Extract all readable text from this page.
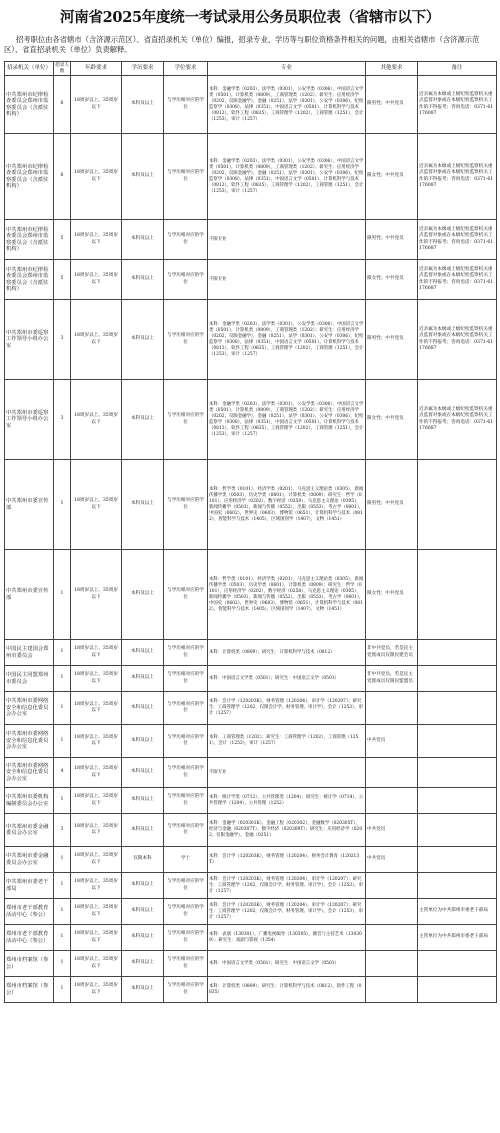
河南省2025年度统一考试录用公务员职位表（省辖市以下）
招考职位由各省辖市（含济源示范区）、省直招录机关（单位）编报，招录专业、学历等与职位资格条件相关的问题，由相关省辖市（含济源示范区）、省直招录机关（单位）负责解释。
招录机关（单位）	招录人数	年龄要求	学历要求	学位要求	专业	其他要求	备注
中共郑州市纪律检查委员会郑州市监察委员会（含派驻机构）	6	18周岁以上、35周岁以下	本科及以上	与学历相对应的学位	本科：金融学类（0203），法学类（0301），公安学类（0306），中国语言文学类（0501），计算机类（0809），工商管理类（1202）；研究生：应用经济学（0202，仅限金融学），金融（0251），法学（0301），公安学（0306），纪检监察学（0308），法律（0351），中国语言文学（0501），计算机科学与技术（0812），软件工程（0835），工商管理学（1202），工商管理（1251），会计（1253），审计（1257）	限男性；中共党员	近亲属为本级或上级纪检监察机关重点监督对象或在本级纪检监察机关工作的不得报考；咨询电话：0371-61176087
中共郑州市纪律检查委员会郑州市监察委员会（含派驻机构）	6	18周岁以上、35周岁以下	本科及以上	与学历相对应的学位	本科：金融学类（0203），法学类（0301），公安学类（0306），中国语言文学类（0501），计算机类（0809），工商管理类（1202）；研究生：应用经济学（0202，仅限金融学），金融（0251），法学（0301），公安学（0306），纪检监察学（0308），法律（0351），中国语言文学（0501），计算机科学与技术（0812），软件工程（0835），工商管理学（1202），工商管理（1251），会计（1253），审计（1257）	限女性；中共党员	近亲属为本级或上级纪检监察机关重点监督对象或在本级纪检监察机关工作的不得报考；咨询电话：0371-61176087
中共郑州市纪律检查委员会郑州市监察委员会（含派驻机构）	5	18周岁以上、35周岁以下	本科及以上	与学历相对应的学位	不限专业	限男性；中共党员	近亲属为本级或上级纪检监察机关重点监督对象或在本级纪检监察机关工作的不得报考；咨询电话：0371-61176087
中共郑州市纪律检查委员会郑州市监察委员会（含派驻机构）	5	18周岁以上、35周岁以下	本科及以上	与学历相对应的学位	不限专业	限女性；中共党员	近亲属为本级或上级纪检监察机关重点监督对象或在本级纪检监察机关工作的不得报考；咨询电话：0371-61176087
中共郑州市委巡察工作领导小组办公室	3	18周岁以上、35周岁以下	本科及以上	与学历相对应的学位	本科：金融学类（0203），法学类（0301），公安学类（0306），中国语言文学类（0501），计算机类（0809），工商管理类（1202）；研究生：应用经济学（0202，仅限金融学），金融（0251），法学（0301），公安学（0306），纪检监察学（0308），法律（0351），中国语言文学（0501），计算机科学与技术（0812），软件工程（0835），工商管理学（1202），工商管理（1251），会计（1253），审计（1257）	限男性；中共党员	近亲属为本级或上级纪检监察机关重点监督对象或在本级纪检监察机关工作的不得报考；咨询电话：0371-61176087
中共郑州市委巡察工作领导小组办公室	3	18周岁以上、35周岁以下	本科及以上	与学历相对应的学位	本科：金融学类（0203），法学类（0301），公安学类（0306），中国语言文学类（0501），计算机类（0809），工商管理类（1202）；研究生：应用经济学（0202，仅限金融学），金融（0251），法学（0301），公安学（0306），纪检监察学（0308），法律（0351），中国语言文学（0501），计算机科学与技术（0812），软件工程（0835），工商管理学（1202），工商管理（1251），会计（1253），审计（1257）	限女性；中共党员	近亲属为本级或上级纪检监察机关重点监督对象或在本级纪检监察机关工作的不得报考；咨询电话：0371-61176087
中共郑州市委宣传部	1	18周岁以上、35周岁以下	本科及以上	与学历相对应的学位	本科：哲学类（0101），经济学类（0201），马克思主义理论类（0305），新闻传播学类（0503），历史学类（0601），计算机类（0809）；研究生：哲学（0101），应用经济学（0202），数字经济（0258），马克思主义理论（0305），新闻传播学（0503），新闻与传播（0552），出版（0553），考古学（0601），中国史（0602），世界史（0603），博物馆（0651），计算机科学与技术（0812），智能科学与技术（1405），区域国别学（1407），文物（1451）	限男性；中共党员	
中共郑州市委宣传部	1	18周岁以上、35周岁以下	本科及以上	与学历相对应的学位	本科：哲学类（0101），经济学类（0201），马克思主义理论类（0305），新闻传播学类（0503），历史学类（0601），计算机类（0809）；研究生：哲学（0101），应用经济学（0202），数字经济（0258），马克思主义理论（0305），新闻传播学（0503），新闻与传播（0552），出版（0553），考古学（0601），中国史（0602），世界史（0603），博物馆（0651），计算机科学与技术（0812），智能科学与技术（1405），区域国别学（1407），文物（1451）	限女性；中共党员	
中国民主建国会郑州市委员会	1	18周岁以上、35周岁以下	本科及以上	与学历相对应的学位	本科：计算机类（0809）；研究生：计算机科学与技术（0812）	非中共党员，若是民主党派成员仅限民建会员	
中国民主同盟郑州市委员会	1	18周岁以上、35周岁以下	本科及以上	与学历相对应的学位	本科：中国语言文学类（0501）；研究生：中国语言文学（0501）	非中共党员，若是民主党派成员仅限民盟盟员	
中共郑州市委网络安全和信息化委员会办公室	1	18周岁以上、35周岁以下	本科及以上	与学历相对应的学位	本科：会计学（120203K），财务管理（120204），审计学（120207）；研究生：工商管理学（1202，仅限会计学、财务管理、审计学），会计（1253），审计（1257）		
中共郑州市委网络安全和信息化委员会办公室	1	18周岁以上、35周岁以下	本科及以上	与学历相对应的学位	本科：工商管理类（1202）；研究生：工商管理学（1202），工商管理（1251），会计（1253），审计（1257）	中共党员	
中共郑州市委网络安全和信息化委员会办公室	4	18周岁以上、35周岁以下	本科及以上	与学历相对应的学位	不限专业		
中共郑州市委机构编制委员会办公室	1	18周岁以上、35周岁以下	本科及以上	与学历相对应的学位	本科：统计学类（0712），公共管理类（1204）；研究生：统计学（0714），公共管理学（1204），公共管理（1252）		
中共郑州市委金融委员会办公室	3	18周岁以上、35周岁以下	本科及以上	与学历相对应的学位	本科：金融学（020301K），金融工程（020302），金融数学（020305T），经济与金融（020307T），数字经济（020309T）；研究生：应用经济学（0202，仅限金融学），金融（0251）	中共党员	
中共郑州市委金融委员会办公室	1	18周岁以上、35周岁以下	仅限本科	学士	本科：会计学（120203K），财务管理（120204），财务会计教育（120213T）	中共党员	
中共郑州市委老干部局	1	18周岁以上、35周岁以下	本科及以上	与学历相对应的学位	本科：会计学（120203K），财务管理（120204），审计学（120207）；研究生：工商管理学（1202，仅限会计学、财务管理、审计学），会计（1253），审计（1257）		
郑州市老干部教育活动中心（参公）	1	18周岁以上、35周岁以下	本科及以上	与学历相对应的学位	本科：会计学（120203K），财务管理（120204），审计学（120207）；研究生：工商管理学（1202，仅限会计学、财务管理、审计学），会计（1253），审计（1257）		主管单位为中共郑州市委老干部局
郑州市老干部教育活动中心（参公）	1	18周岁以上、35周岁以下	本科及以上	与学历相对应的学位	本科：表演（130301），广播电视编导（130305），播音与主持艺术（130309）；研究生：戏剧与影视（1354）		主管单位为中共郑州市委老干部局
郑州市档案馆（参公）	1	18周岁以上、35周岁以下	本科及以上	与学历相对应的学位	本科：中国语言文学类（0501）；研究生：中国语言文学（0501）		
郑州市档案馆（参公）	1	18周岁以上、35周岁以下	本科及以上	与学历相对应的学位	本科：计算机类（0809）；研究生：计算机科学与技术（0812），软件工程（0835）		
